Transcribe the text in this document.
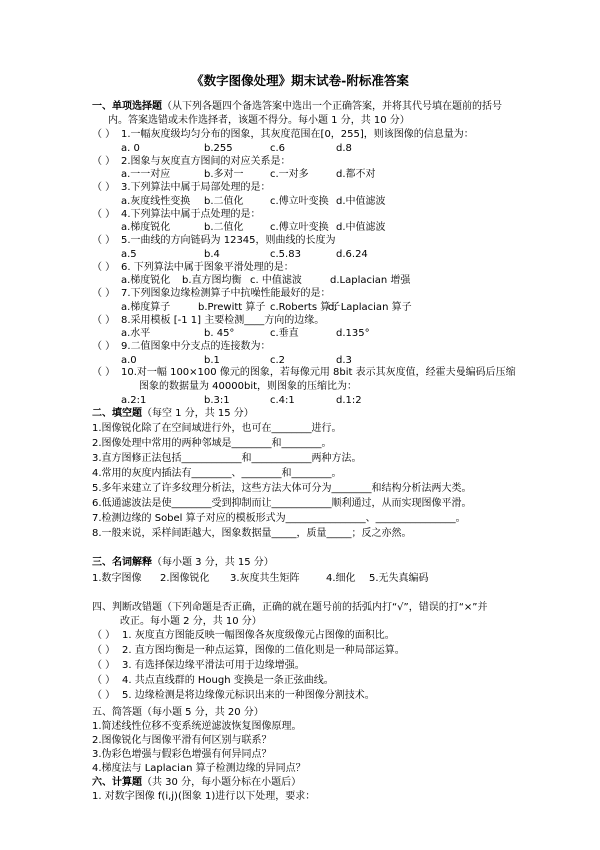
《数字图像处理》期末试卷-附标准答案
一、单项选择题（从下列各题四个备选答案中选出一个正确答案，并将其代号填在题前的括号
内。答案选错或未作选择者，该题不得分。每小题 1 分，共 10 分）
（ ） 1.一幅灰度级均匀分布的图象，其灰度范围在[0，255]，则该图像的信息量为：
a. 0	b.255	c.6	d.8
（ ） 2.图象与灰度直方图间的对应关系是：
a.一一对应	b.多对一	c.一对多	d.都不对
（ ） 3.下列算法中属于局部处理的是：
a.灰度线性变换 b.二值化	c.傅立叶变换 d.中值滤波
（ ） 4.下列算法中属于点处理的是：
a.梯度锐化	b.二值化	c.傅立叶变换 d.中值滤波
（ ） 5.一曲线的方向链码为 12345，则曲线的长度为
a.5	b.4	c.5.83	d.6.24
（ ） 6. 下列算法中属于图象平滑处理的是：
a.梯度锐化 b.直方图均衡 c. 中值滤波	d.Laplacian 增强
（ ） 7.下列图象边缘检测算子中抗噪性能最好的是：
a.梯度算子	b.Prewitt 算子 c.Roberts 算子
d. Laplacian 算子
（ ） 8.采用模板 [-1 1] 主要检测____方向的边缘。
a.水平	b. 45°	c.垂直	d.135°
（ ） 9.二值图象中分支点的连接数为：
a.0	b.1	c.2	d.3
（ ） 10.对一幅 100×100 像元的图象，若每像元用 8bit 表示其灰度值，经霍夫曼编码后压缩
图象的数据量为 40000bit，则图象的压缩比为：
a.2:1	b.3:1	c.4:1	d.1:2
二、填空题（每空 1 分，共 15 分）
1.图像锐化除了在空间域进行外，也可在________进行。
2.图像处理中常用的两种邻域是________和________。
3.直方图修正法包括____________和____________两种方法。
4.常用的灰度内插法有________、________和________。
5.多年来建立了许多纹理分析法，这些方法大体可分为________和结构分析法两大类。
6.低通滤波法是使________受到抑制而让____________顺利通过，从而实现图像平滑。
7.检测边缘的 Sobel 算子对应的模板形式为________________、________________。
8.一般来说，采样间距越大，图象数据量_____，质量_____；反之亦然。
三、名词解释（每小题 3 分，共 15 分）
1.数字图像 2.图像锐化 3.灰度共生矩阵	4.细化 5.无失真编码
四、判断改错题（下列命题是否正确，正确的就在题号前的括弧内打“√”，错误的打“×”并
改正。每小题 2 分，共 10 分）
（ ） 1. 灰度直方图能反映一幅图像各灰度级像元占图像的面积比。
（ ） 2. 直方图均衡是一种点运算，图像的二值化则是一种局部运算。
（ ） 3. 有选择保边缘平滑法可用于边缘增强。
（ ） 4. 共点直线群的 Hough 变换是一条正弦曲线。
（ ） 5. 边缘检测是将边缘像元标识出来的一种图像分割技术。
五、简答题（每小题 5 分，共 20 分）
1.简述线性位移不变系统逆滤波恢复图像原理。
2.图像锐化与图像平滑有何区别与联系？
3.伪彩色增强与假彩色增强有何异同点？
4.梯度法与 Laplacian 算子检测边缘的异同点？
六、计算题（共 30 分，每小题分标在小题后）
1. 对数字图像 f(i,j)(图象 1)进行以下处理，要求：
